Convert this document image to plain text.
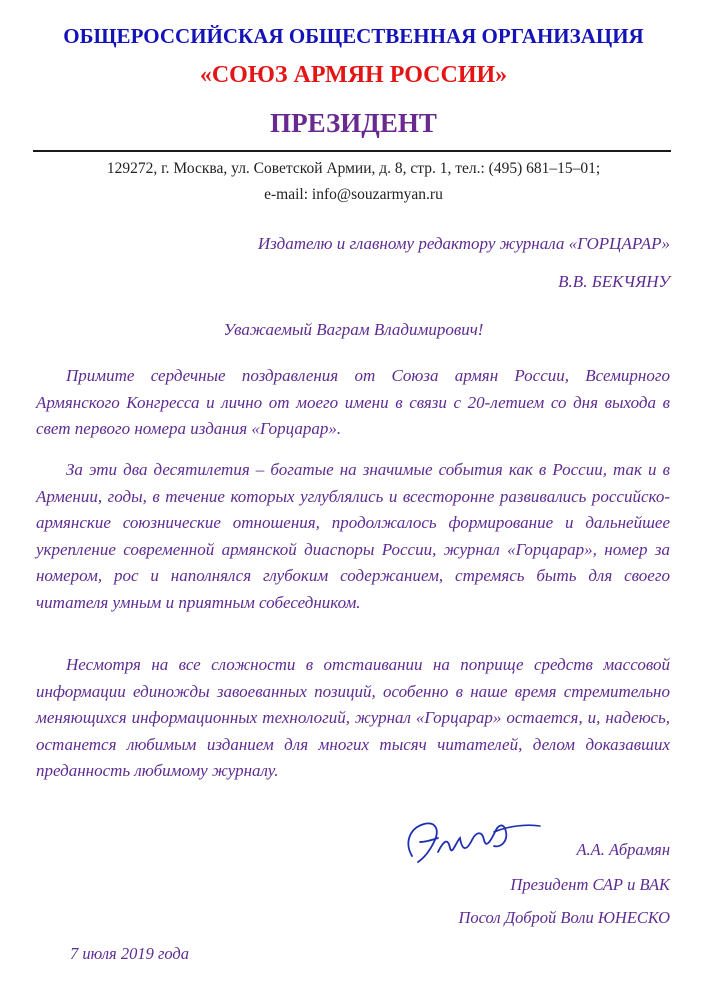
ОБЩЕРОССИЙСКАЯ ОБЩЕСТВЕННАЯ ОРГАНИЗАЦИЯ
«СОЮЗ АРМЯН РОССИИ»
ПРЕЗИДЕНТ
129272, г. Москва, ул. Советской Армии, д. 8, стр. 1, тел.: (495) 681–15–01;
e-mail: info@souzarmyan.ru
Издателю и главному редактору журнала «ГОРЦАРАР»
В.В. БЕКЧЯНУ
Уважаемый Ваграм Владимирович!

Примите сердечные поздравления от Союза армян России, Всемирного Армянского Конгресса и лично от моего имени в связи с 20-летием со дня выхода в свет первого номера издания «Горцарар».

За эти два десятилетия – богатые на значимые события как в России, так и в Армении, годы, в течение которых углублялись и всесторонне развивались российско-армянские союзнические отношения, продолжалось формирование и дальнейшее укрепление современной армянской диаспоры России, журнал «Горцарар», номер за номером, рос и наполнялся глубоким содержанием, стремясь быть для своего читателя умным и приятным собеседником.

Несмотря на все сложности в отстаивании на поприще средств массовой информации единожды завоеванных позиций, особенно в наше время стремительно меняющихся информационных технологий, журнал «Горцарар» остается, и, надеюсь, останется любимым изданием для многих тысяч читателей, делом доказавших преданность любимому журналу.

А.А. Абрамян
Президент САР и ВАК
Посол Доброй Воли ЮНЕСКО
7 июля 2019 года
